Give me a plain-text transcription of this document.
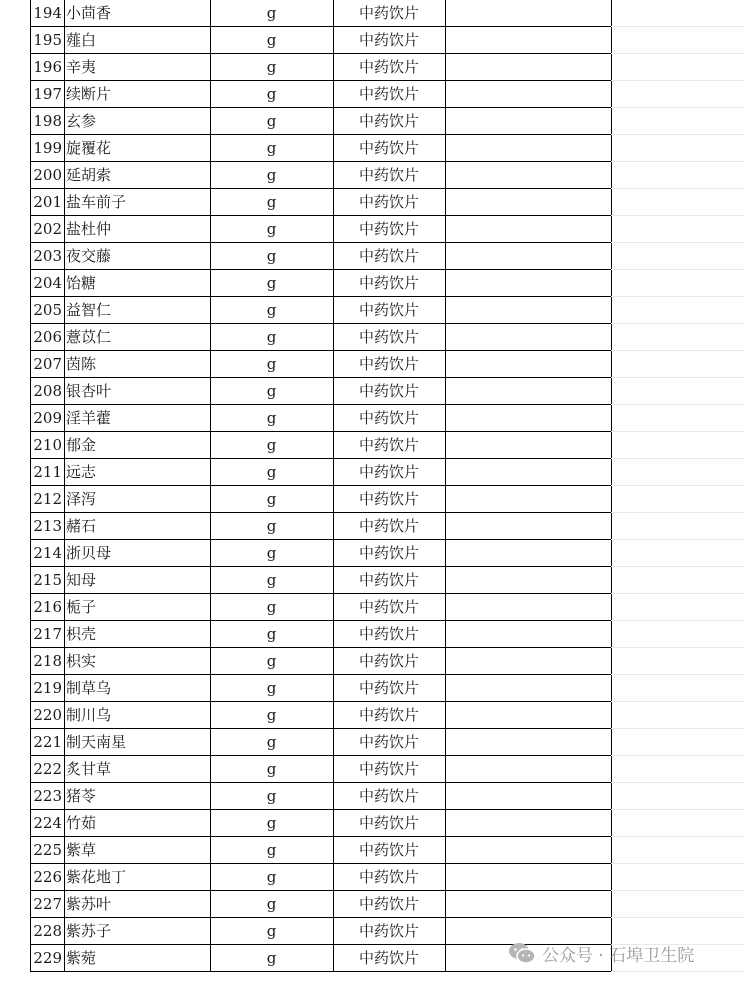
194 小茴香	g	中药饮片
195 薤白	g	中药饮片
196 辛夷	g	中药饮片
197 续断片	g	中药饮片
198 玄参	g	中药饮片
199 旋覆花	g	中药饮片
200 延胡索	g	中药饮片
201 盐车前子	g	中药饮片
202 盐杜仲	g	中药饮片
203 夜交藤	g	中药饮片
204 饴糖	g	中药饮片
205 益智仁	g	中药饮片
206 薏苡仁	g	中药饮片
207 茵陈	g	中药饮片
208 银杏叶	g	中药饮片
209 淫羊藿	g	中药饮片
210 郁金	g	中药饮片
211 远志	g	中药饮片
212 泽泻	g	中药饮片
213 赭石	g	中药饮片
214 浙贝母	g	中药饮片
215 知母	g	中药饮片
216 栀子	g	中药饮片
217 枳壳	g	中药饮片
218 枳实	g	中药饮片
219 制草乌	g	中药饮片
220 制川乌	g	中药饮片
221 制天南星	g	中药饮片
222 炙甘草	g	中药饮片
223 猪苓	g	中药饮片
224 竹茹	g	中药饮片
225 紫草	g	中药饮片
226 紫花地丁	g	中药饮片
227 紫苏叶	g	中药饮片
228 紫苏子	g	中药饮片
229 紫菀	g	中药饮片	公众号 · 石埠卫生院
